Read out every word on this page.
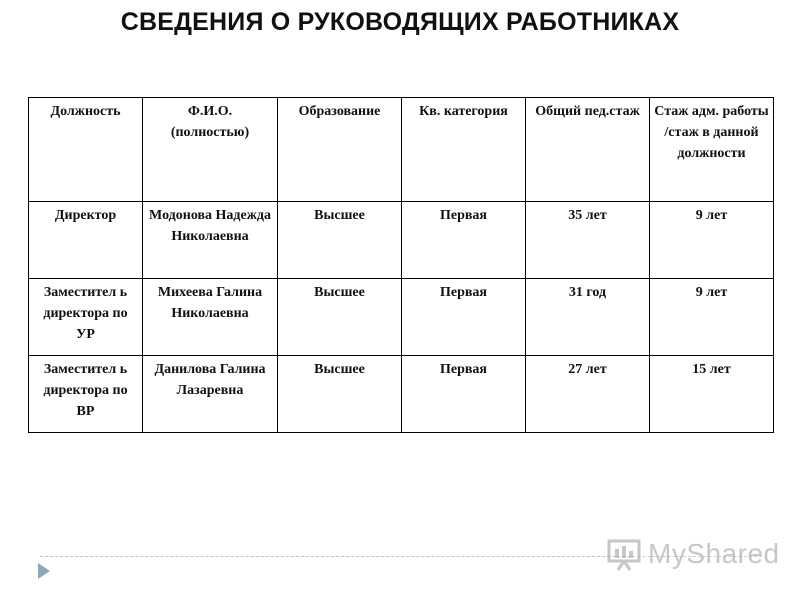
СВЕДЕНИЯ О РУКОВОДЯЩИХ РАБОТНИКАХ
Должность	Ф.И.О. (полностью)	Образование	Кв. категория	Общий пед.стаж	Стаж адм. работы /стаж в данной должности
Директор	Модонова Надежда Николаевна	Высшее	Первая	35 лет	9 лет
Заместител ь директора по УР	Михеева Галина Николаевна	Высшее	Первая	31 год	9 лет
Заместител ь директора по ВР	Данилова Галина Лазаревна	Высшее	Первая	27 лет	15 лет
MyShared
